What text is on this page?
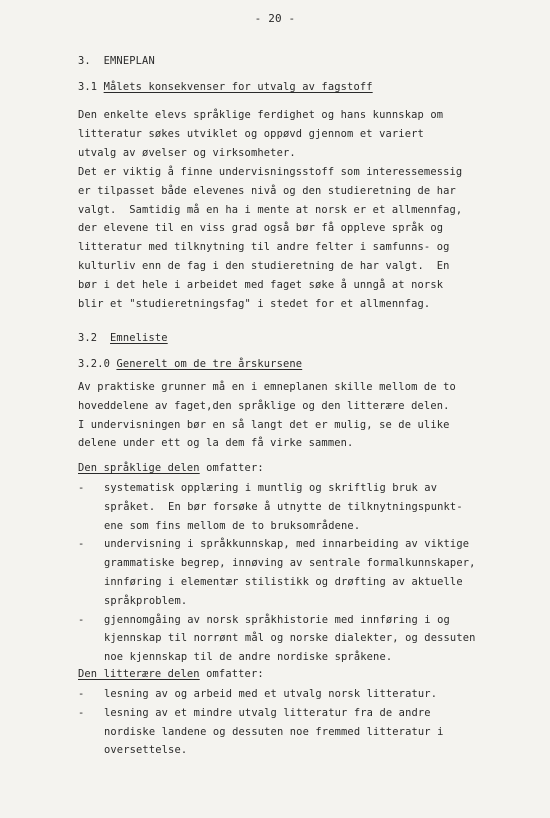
- 20 -
3.  EMNEPLAN
3.1 Målets konsekvenser for utvalg av fagstoff
Den enkelte elevs språklige ferdighet og hans kunnskap om
litteratur søkes utviklet og oppøvd gjennom et variert
utvalg av øvelser og virksomheter.
Det er viktig å finne undervisningsstoff som interessemessig
er tilpasset både elevenes nivå og den studieretning de har
valgt.  Samtidig må en ha i mente at norsk er et allmennfag,
der elevene til en viss grad også bør få oppleve språk og
litteratur med tilknytning til andre felter i samfunns- og
kulturliv enn de fag i den studieretning de har valgt.  En
bør i det hele i arbeidet med faget søke å unngå at norsk
blir et "studieretningsfag" i stedet for et allmennfag.
3.2 Emneliste
3.2.0 Generelt om de tre årskursene
Av praktiske grunner må en i emneplanen skille mellom de to
hoveddelene av faget,den språklige og den litterære delen.
I undervisningen bør en så langt det er mulig, se de ulike
delene under ett og la dem få virke sammen.
Den språklige delen omfatter:
- systematisk opplæring i muntlig og skriftlig bruk av
språket.  En bør forsøke å utnytte de tilknytningspunkt-
ene som fins mellom de to bruksområdene.
- undervisning i språkkunnskap, med innarbeiding av viktige
grammatiske begrep, innøving av sentrale formalkunnskaper,
innføring i elementær stilistikk og drøfting av aktuelle
språkproblem.
- gjennomgåing av norsk språkhistorie med innføring i og
kjennskap til norrønt mål og norske dialekter, og dessuten
noe kjennskap til de andre nordiske språkene.
Den litterære delen omfatter:
- lesning av og arbeid med et utvalg norsk litteratur.
- lesning av et mindre utvalg litteratur fra de andre
nordiske landene og dessuten noe fremmed litteratur i
oversettelse.
